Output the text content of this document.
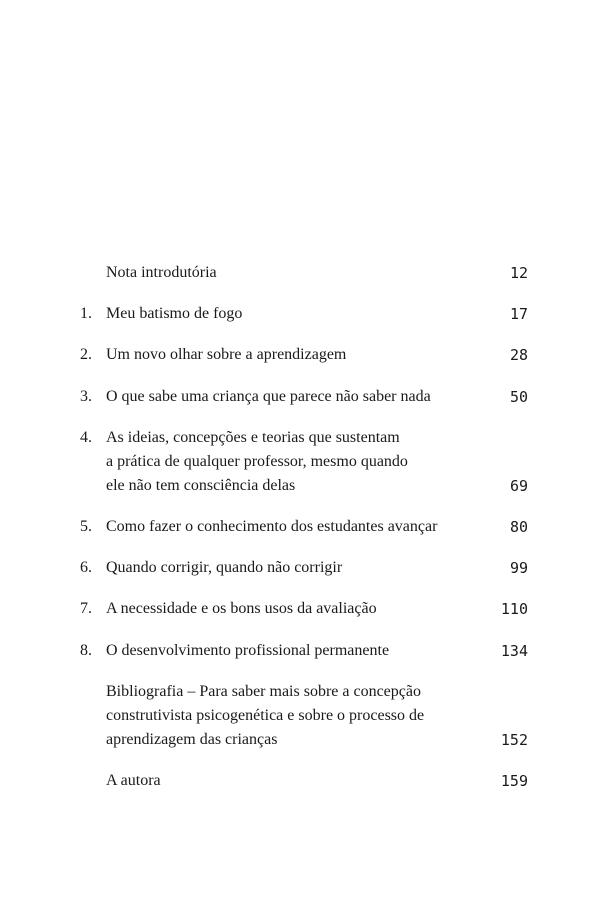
Nota introdutória	12
1. Meu batismo de fogo	17
2. Um novo olhar sobre a aprendizagem	28
3. O que sabe uma criança que parece não saber nada	50
4. As ideias, concepções e teorias que sustentam
a prática de qualquer professor, mesmo quando
ele não tem consciência delas	69
5. Como fazer o conhecimento dos estudantes avançar	80
6. Quando corrigir, quando não corrigir	99
7. A necessidade e os bons usos da avaliação	110
8. O desenvolvimento profissional permanente	134
Bibliografia – Para saber mais sobre a concepção
construtivista psicogenética e sobre o processo de
aprendizagem das crianças	152
A autora	159
